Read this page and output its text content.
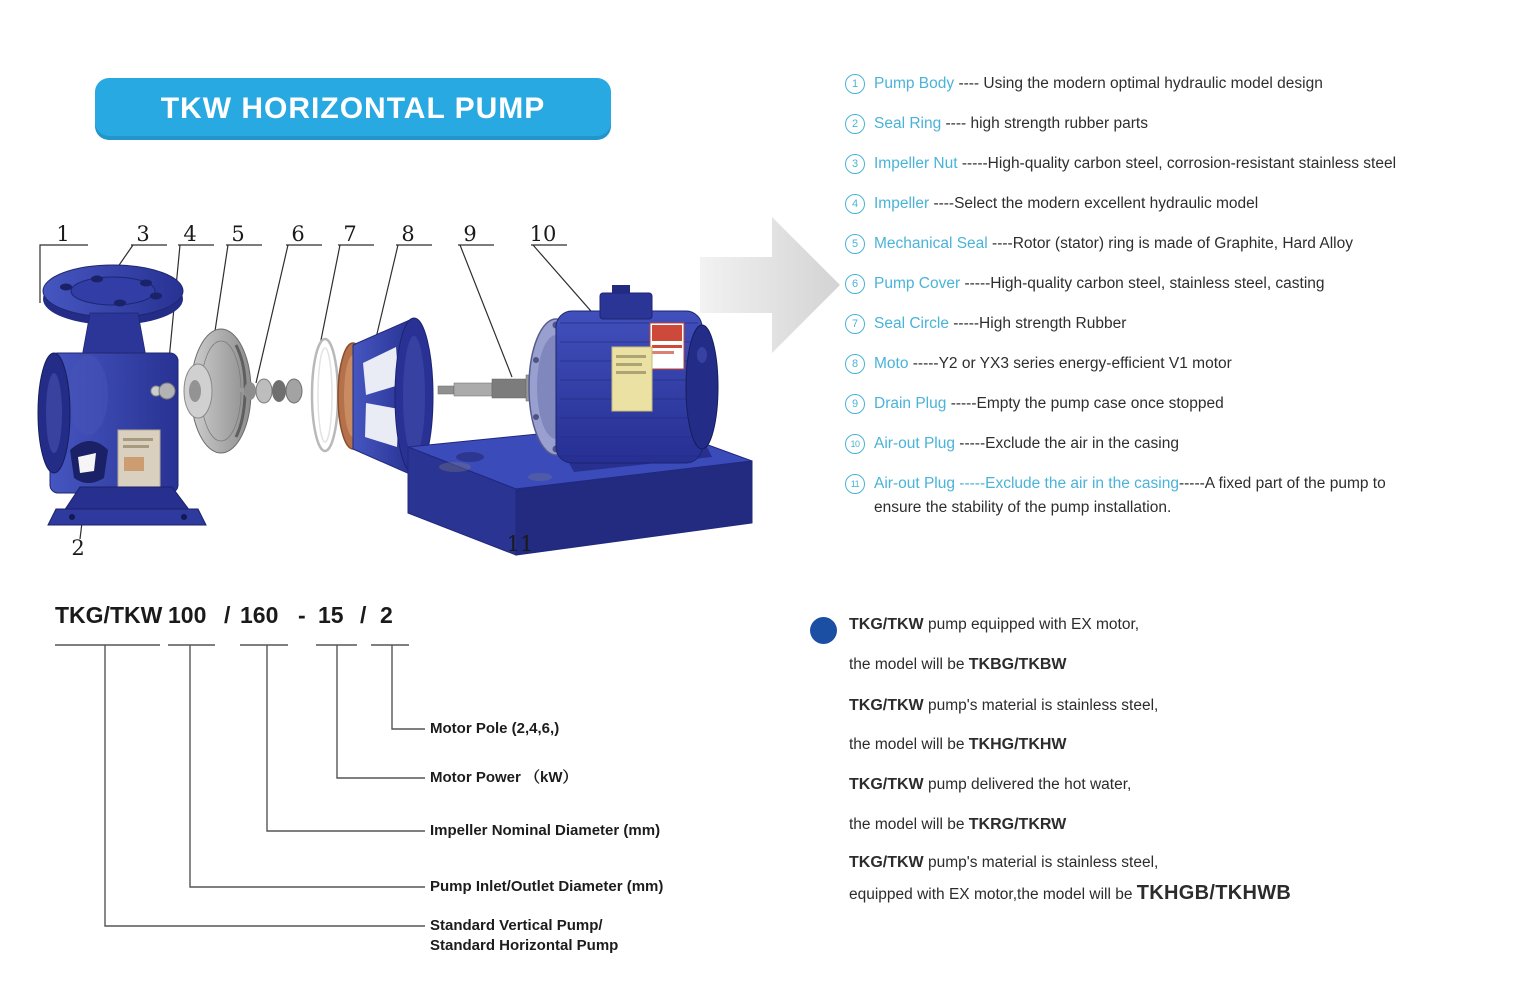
TKW HORIZONTAL PUMP
1
2
3 4 5 6 7 8 9	10
11
1	Pump Body ---- Using the modern optimal hydraulic model design
2	Seal Ring ---- high strength rubber parts
3	Impeller Nut -----High-quality carbon steel, corrosion-resistant stainless steel
4	Impeller ----Select the modern excellent hydraulic model
5	Mechanical Seal ----Rotor (stator) ring is made of Graphite, Hard Alloy
6	Pump Cover -----High-quality carbon steel, stainless steel, casting
7	Seal Circle -----High strength Rubber
8	Moto -----Y2 or YX3 series energy-efficient V1 motor
9	Drain Plug -----Empty the pump case once stopped
10 Air-out Plug -----Exclude the air in the casing
11 Air-out Plug -----Exclude the air in the casing-----A fixed part of the pump to
ensure the stability of the pump installation.
TKG/TKW 100 / 160 - 15 / 2
Motor Pole (2,4,6,)
Motor Power （kW）
Impeller Nominal Diameter (mm)
Pump Inlet/Outlet Diameter (mm)
Standard Vertical Pump/
Standard Horizontal Pump
TKG/TKW pump equipped with EX motor,
the model will be TKBG/TKBW
TKG/TKW pump's material is stainless steel,
the model will be TKHG/TKHW
TKG/TKW pump delivered the hot water,
the model will be TKRG/TKRW
TKG/TKW pump's material is stainless steel,
equipped with EX motor,the model will be TKHGB/TKHWB
